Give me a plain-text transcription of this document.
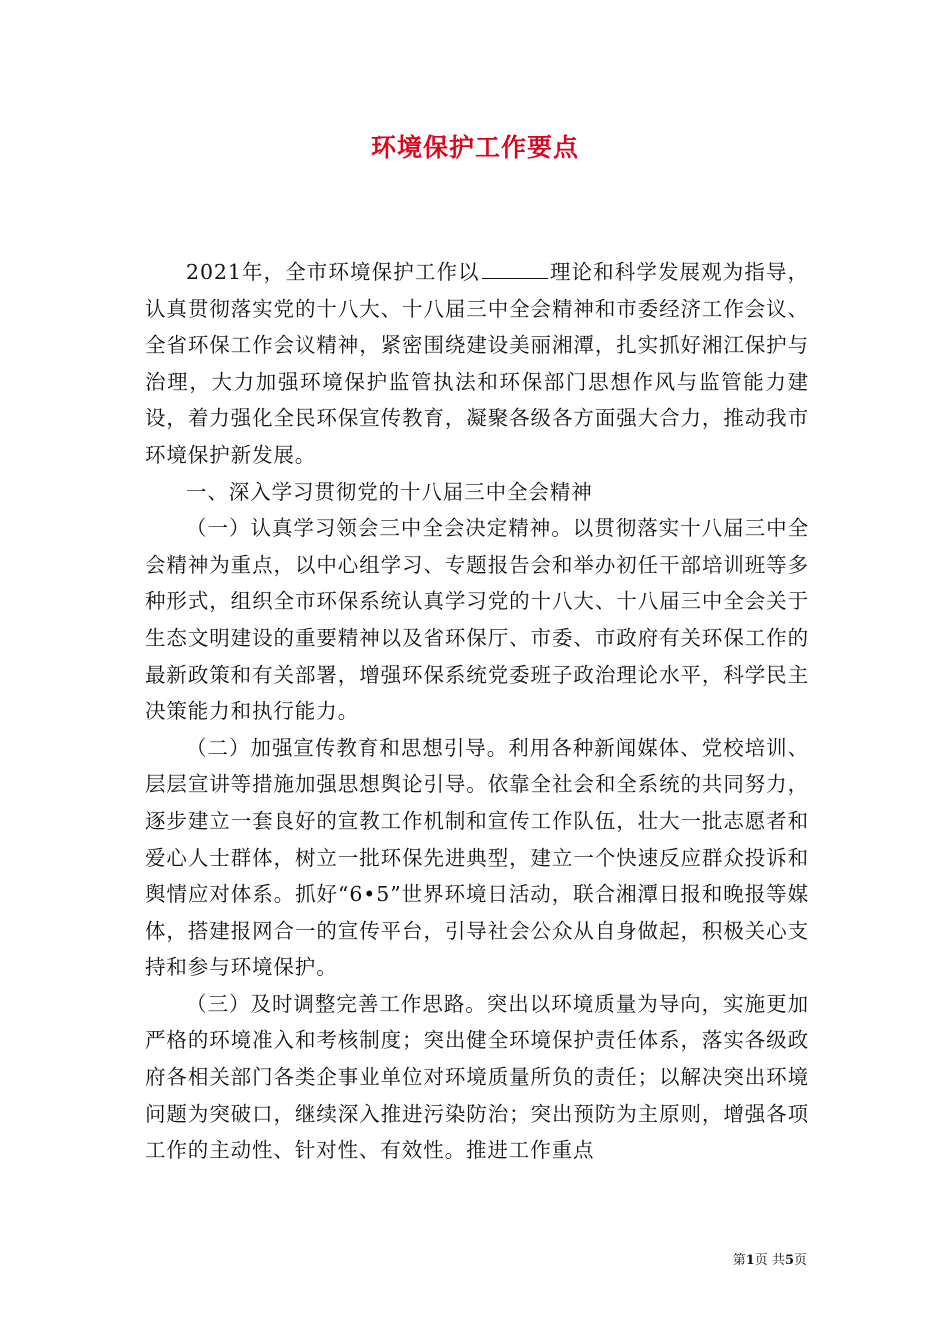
环境保护工作要点

2021年，全市环境保护工作以	理论和科学发展观为指导，认真贯彻落实党的十八大、十八届三中全会精神和市委经济工作会议、全省环保工作会议精神，紧密围绕建设美丽湘潭，扎实抓好湘江保护与治理，大力加强环境保护监管执法和环保部门思想作风与监管能力建设，着力强化全民环保宣传教育，凝聚各级各方面强大合力，推动我市环境保护新发展。

一、深入学习贯彻党的十八届三中全会精神

（一）认真学习领会三中全会决定精神。以贯彻落实十八届三中全会精神为重点，以中心组学习、专题报告会和举办初任干部培训班等多种形式，组织全市环保系统认真学习党的十八大、十八届三中全会关于生态文明建设的重要精神以及省环保厅、市委、市政府有关环保工作的最新政策和有关部署，增强环保系统党委班子政治理论水平，科学民主决策能力和执行能力。

（二）加强宣传教育和思想引导。利用各种新闻媒体、党校培训、层层宣讲等措施加强思想舆论引导。依靠全社会和全系统的共同努力，逐步建立一套良好的宣教工作机制和宣传工作队伍，壮大一批志愿者和爱心人士群体，树立一批环保先进典型，建立一个快速反应群众投诉和舆情应对体系。抓好“6•5”世界环境日活动，联合湘潭日报和晚报等媒体，搭建报网合一的宣传平台，引导社会公众从自身做起，积极关心支持和参与环境保护。

（三）及时调整完善工作思路。突出以环境质量为导向，实施更加严格的环境准入和考核制度；突出健全环境保护责任体系，落实各级政府各相关部门各类企事业单位对环境质量所负的责任；以解决突出环境问题为突破口，继续深入推进污染防治；突出预防为主原则，增强各项工作的主动性、针对性、有效性。推进工作重点

第1页 共5页
